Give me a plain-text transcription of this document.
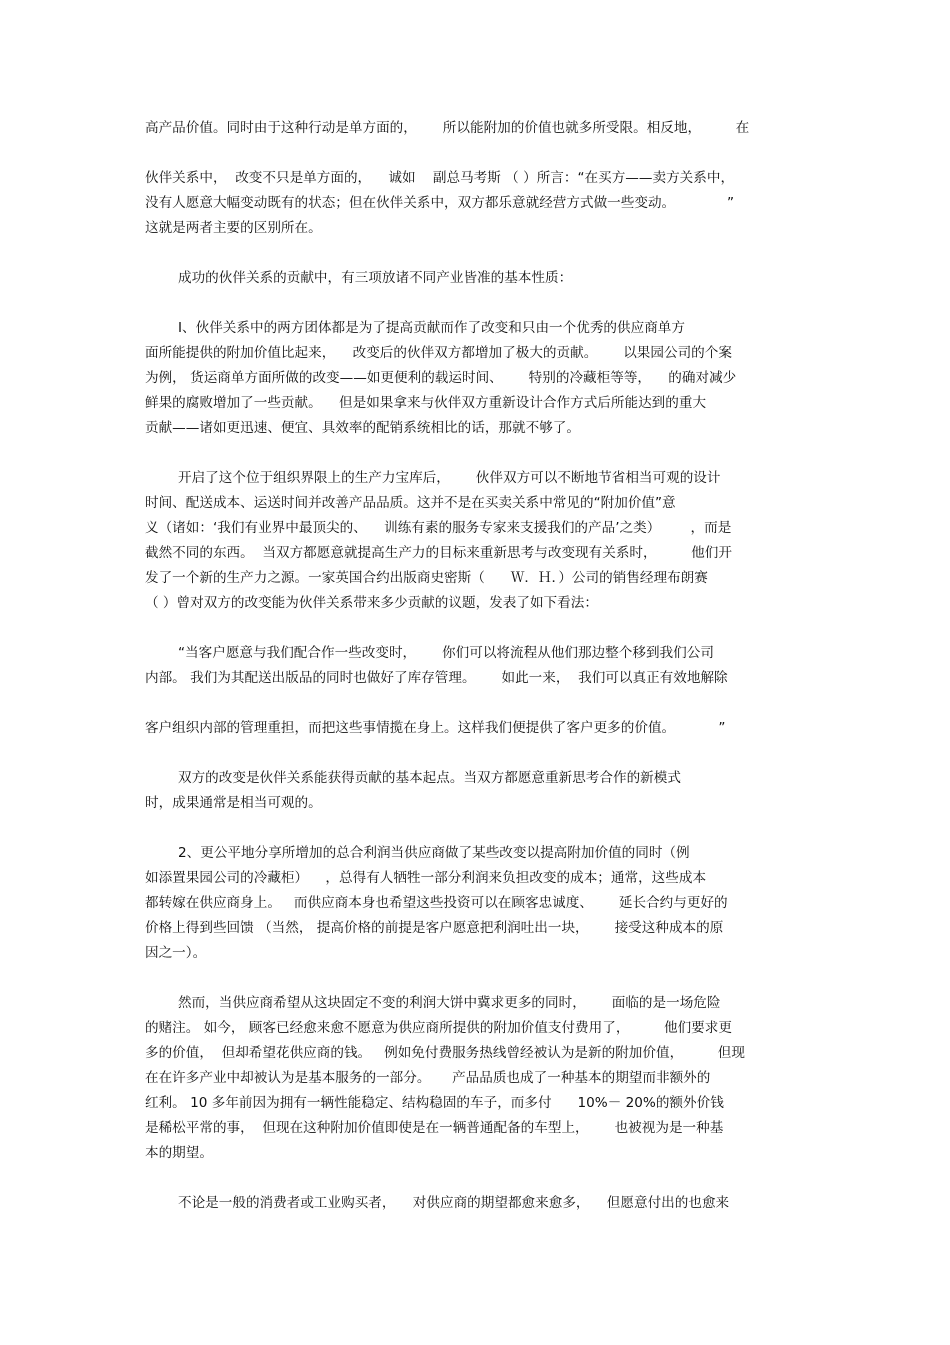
高产品价值。同时由于这种行动是单方面的，      所以能附加的价值也就多所受限。相反地，        在
伙伴关系中，  改变不只是单方面的，    诚如    副总马考斯 （ ）所言：“在买方——卖方关系中，
没有人愿意大幅变动既有的状态；但在伙伴关系中，双方都乐意就经营方式做一些变动。            ”
这就是两者主要的区别所在。
成功的伙伴关系的贡献中，有三项放诸不同产业皆准的基本性质：
I、伙伴关系中的两方团体都是为了提高贡献而作了改变和只由一个优秀的供应商单方
面所能提供的附加价值比起来，    改变后的伙伴双方都增加了极大的贡献。      以果园公司的个案
为例， 货运商单方面所做的改变——如更便利的载运时间、      特别的冷藏柜等等，    的确对减少
鲜果的腐败增加了一些贡献。    但是如果拿来与伙伴双方重新设计合作方式后所能达到的重大
贡献——诸如更迅速、便宜、具效率的配销系统相比的话，那就不够了。
开启了这个位于组织界限上的生产力宝库后，      伙伴双方可以不断地节省相当可观的设计
时间、配送成本、运送时间并改善产品品质。这并不是在买卖关系中常见的“附加价值”意
义（诸如：‘我们有业界中最顶尖的、    训练有素的服务专家来支援我们的产品’之类）       ，而是
截然不同的东西。  当双方都愿意就提高生产力的目标来重新思考与改变现有关系时，        他们开
发了一个新的生产力之源。一家英国合约出版商史密斯（      Ｗ．Ｈ．）公司的销售经理布朗赛
（ ）曾对双方的改变能为伙伴关系带来多少贡献的议题，发表了如下看法：
“当客户愿意与我们配合作一些改变时，      你们可以将流程从他们那边整个移到我们公司
内部。 我们为其配送出版品的同时也做好了库存管理。      如此一来，  我们可以真正有效地解除
客户组织内部的管理重担，而把这些事情揽在身上。这样我们便提供了客户更多的价值。          ”
双方的改变是伙伴关系能获得贡献的基本起点。当双方都愿意重新思考合作的新模式
时，成果通常是相当可观的。
2、更公平地分享所增加的总合利润当供应商做了某些改变以提高附加价值的同时（例
如添置果园公司的冷藏柜）    ，总得有人牺牲一部分利润来负担改变的成本；通常，这些成本
都转嫁在供应商身上。   而供应商本身也希望这些投资可以在顾客忠诚度、      延长合约与更好的
价格上得到些回馈 （当然， 提高价格的前提是客户愿意把利润吐出一块，      接受这种成本的原
因之一）。
然而，当供应商希望从这块固定不变的利润大饼中冀求更多的同时，      面临的是一场危险
的赌注。 如今， 顾客已经愈来愈不愿意为供应商所提供的附加价值支付费用了，        他们要求更
多的价值，  但却希望花供应商的钱。   例如免付费服务热线曾经被认为是新的附加价值，        但现
在在许多产业中却被认为是基本服务的一部分。     产品品质也成了一种基本的期望而非额外的
红利。 10 多年前因为拥有一辆性能稳定、结构稳固的车子，而多付      10%－ 20%的额外价钱
是稀松平常的事，  但现在这种附加价值即使是在一辆普通配备的车型上，      也被视为是一种基
本的期望。
不论是一般的消费者或工业购买者，    对供应商的期望都愈来愈多，    但愿意付出的也愈来
